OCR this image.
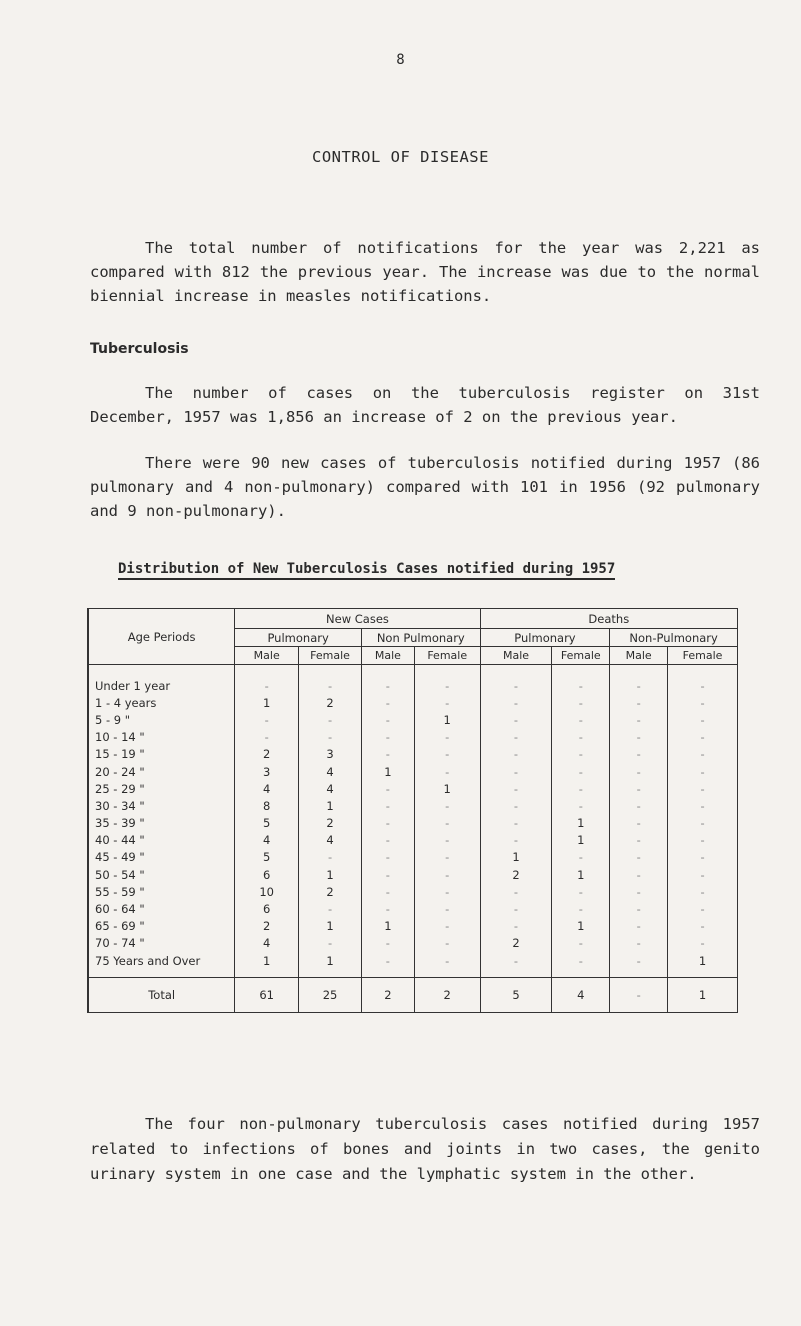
8
CONTROL OF DISEASE
The total number of notifications for the year was 2,221 as compared with 812 the previous year. The increase was due to the normal biennial increase in measles notifications.
Tuberculosis
The number of cases on the tuberculosis register on 31st December, 1957 was 1,856 an increase of 2 on the previous year.
There were 90 new cases of tuberculosis notified during 1957 (86 pulmonary and 4 non-pulmonary) compared with 101 in 1956 (92 pulmonary and 9 non-pulmonary).
Distribution of New Tuberculosis Cases notified during 1957
Age Periods	New Cases				Deaths			
	Pulmonary		Non Pulmonary		Pulmonary		Non-Pulmonary	
	Male	Female	Male	Female	Male	Female	Male	Female
Under 1 year	-	-	-	-	-	-	-	-
1 - 4 years	1	2	-	-	-	-	-	-
5 - 9 "	-	-	-	1	-	-	-	-
10 - 14 "	-	-	-	-	-	-	-	-
15 - 19 "	2	3	-	-	-	-	-	-
20 - 24 "	3	4	1	-	-	-	-	-
25 - 29 "	4	4	-	1	-	-	-	-
30 - 34 "	8	1	-	-	-	-	-	-
35 - 39 "	5	2	-	-	-	1	-	-
40 - 44 "	4	4	-	-	-	1	-	-
45 - 49 "	5	-	-	-	1	-	-	-
50 - 54 "	6	1	-	-	2	1	-	-
55 - 59 "	10	2	-	-	-	-	-	-
60 - 64 "	6	-	-	-	-	-	-	-
65 - 69 "	2	1	1	-	-	1	-	-
70 - 74 "	4	-	-	-	2	-	-	-
75 Years and Over	1	1	-	-	-	-	-	1
Total	61	25	2	2	5	4	-	1
The four non-pulmonary tuberculosis cases notified during 1957 related to infections of bones and joints in two cases, the genito urinary system in one case and the lymphatic system in the other.
